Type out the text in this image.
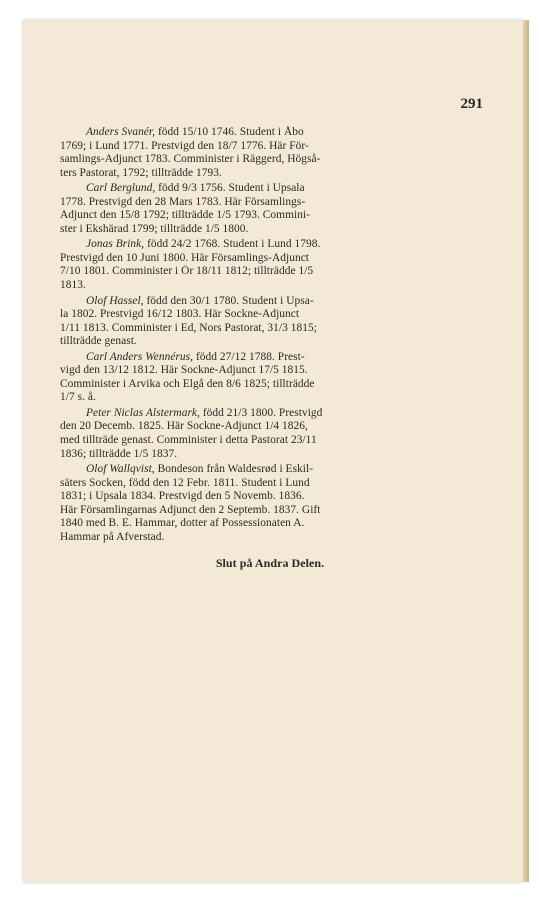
291
Anders Svanér, född 15/10 1746. Student i Åbo
1769; i Lund 1771. Prestvigd den 18/7 1776. Här För-
samlings-Adjunct 1783. Comminister i Räggerd, Högså-
ters Pastorat, 1792; tillträdde 1793.
Carl Berglund, född 9/3 1756. Student i Upsala
1778. Prestvigd den 28 Mars 1783. Här Församlings-
Adjunct den 15/8 1792; tillträdde 1/5 1793. Commini-
ster i Ekshärad 1799; tillträdde 1/5 1800.
Jonas Brink, född 24/2 1768. Student i Lund 1798.
Prestvigd den 10 Juni 1800. Här Församlings-Adjunct
7/10 1801. Comminister i Ör 18/11 1812; tillträdde 1/5
1813.
Olof Hassel, född den 30/1 1780. Student i Upsa-
la 1802. Prestvigd 16/12 1803. Här Sockne-Adjunct
1/11 1813. Comminister i Ed, Nors Pastorat, 31/3 1815;
tillträdde genast.
Carl Anders Wennérus, född 27/12 1788. Prest-
vigd den 13/12 1812. Här Sockne-Adjunct 17/5 1815.
Comminister i Arvika och Elgå den 8/6 1825; tillträdde
1/7 s. å.
Peter Niclas Alstermark, född 21/3 1800. Prestvigd
den 20 Decemb. 1825. Här Sockne-Adjunct 1/4 1826,
med tillträde genast. Comminister i detta Pastorat 23/11
1836; tillträdde 1/5 1837.
Olof Wallqvist, Bondeson från Waldesrød i Eskil-
säters Socken, född den 12 Febr. 1811. Student i Lund
1831; i Upsala 1834. Prestvigd den 5 Novemb. 1836.
Här Församlingarnas Adjunct den 2 Septemb. 1837. Gift
1840 med B. E. Hammar, dotter af Possessionaten A.
Hammar på Afverstad.
Slut på Andra Delen.
